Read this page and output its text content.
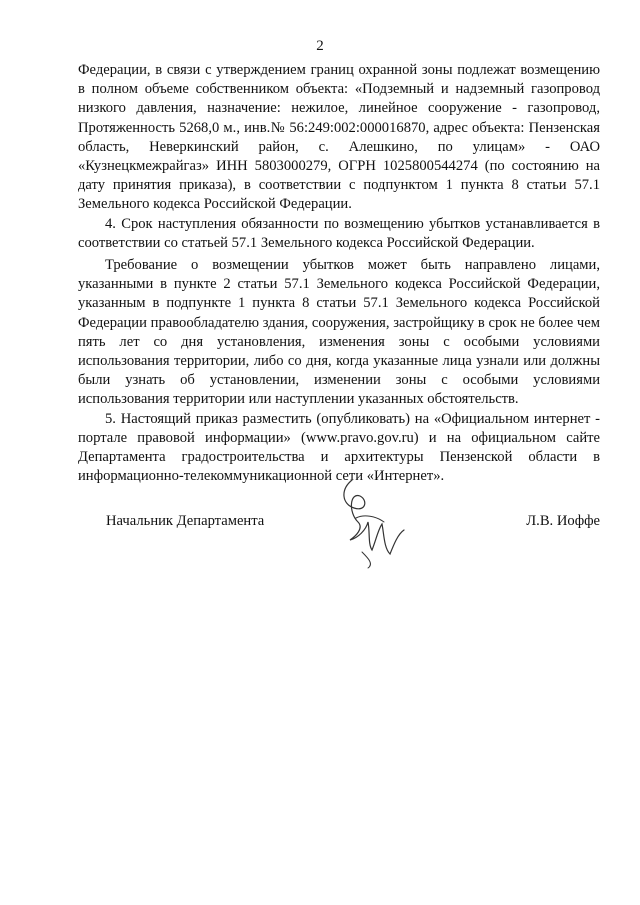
2

Федерации, в связи с утверждением границ охранной зоны подлежат возмещению в полном объеме собственником объекта: «Подземный и надземный газопровод низкого давления, назначение: нежилое, линейное сооружение - газопровод, Протяженность 5268,0 м., инв.№ 56:249:002:000016870, адрес объекта: Пензенская область, Неверкинский район, с. Алешкино, по улицам» - ОАО «Кузнецкмежрайгаз» ИНН 5803000279, ОГРН 1025800544274 (по состоянию на дату принятия приказа), в соответствии с подпунктом 1 пункта 8 статьи 57.1 Земельного кодекса Российской Федерации.

4. Срок наступления обязанности по возмещению убытков устанавливается в соответствии со статьей 57.1 Земельного кодекса Российской Федерации.

Требование о возмещении убытков может быть направлено лицами, указанными в пункте 2 статьи 57.1 Земельного кодекса Российской Федерации, указанным в подпункте 1 пункта 8 статьи 57.1 Земельного кодекса Российской Федерации правообладателю здания, сооружения, застройщику в срок не более чем пять лет со дня установления, изменения зоны с особыми условиями использования территории, либо со дня, когда указанные лица узнали или должны были узнать об установлении, изменении зоны с особыми условиями использования территории или наступлении указанных обстоятельств.

5. Настоящий приказ разместить (опубликовать) на «Официальном интернет - портале правовой информации» (www.pravo.gov.ru) и на официальном сайте Департамента градостроительства и архитектуры Пензенской области в информационно-телекоммуникационной сети «Интернет».

Начальник Департамента	Л.В. Иоффе
